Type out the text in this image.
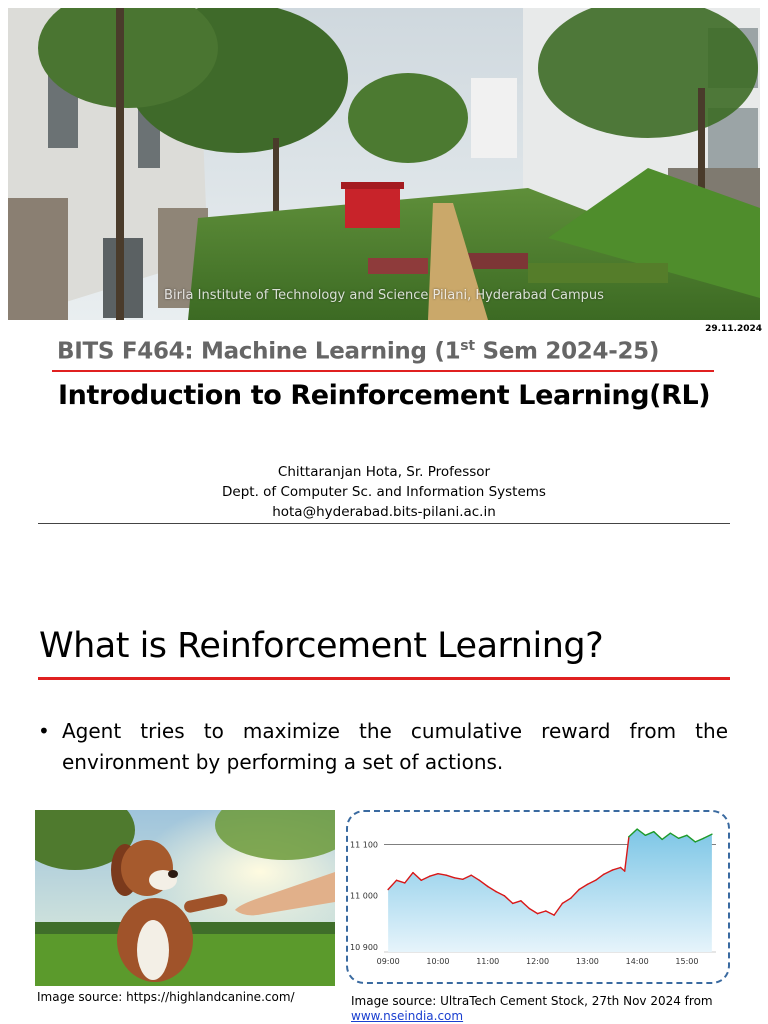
Birla Institute of Technology and Science Pilani, Hyderabad Campus
29.11.2024
BITS F464: Machine Learning (1st Sem 2024-25)
Introduction to Reinforcement Learning(RL)
Chittaranjan Hota, Sr. Professor
Dept. of Computer Sc. and Information Systems
hota@hyderabad.bits-pilani.ac.in
What is Reinforcement Learning?
• Agent tries to maximize the cumulative reward from the environment by performing a set of actions.
Image source: https://highlandcanine.com/
10 900
11 000
11 100
09:00	10:00	11:00	12:00	13:00	14:00	15:00
Image source: UltraTech Cement Stock, 27th Nov 2024 from
www.nseindia.com
